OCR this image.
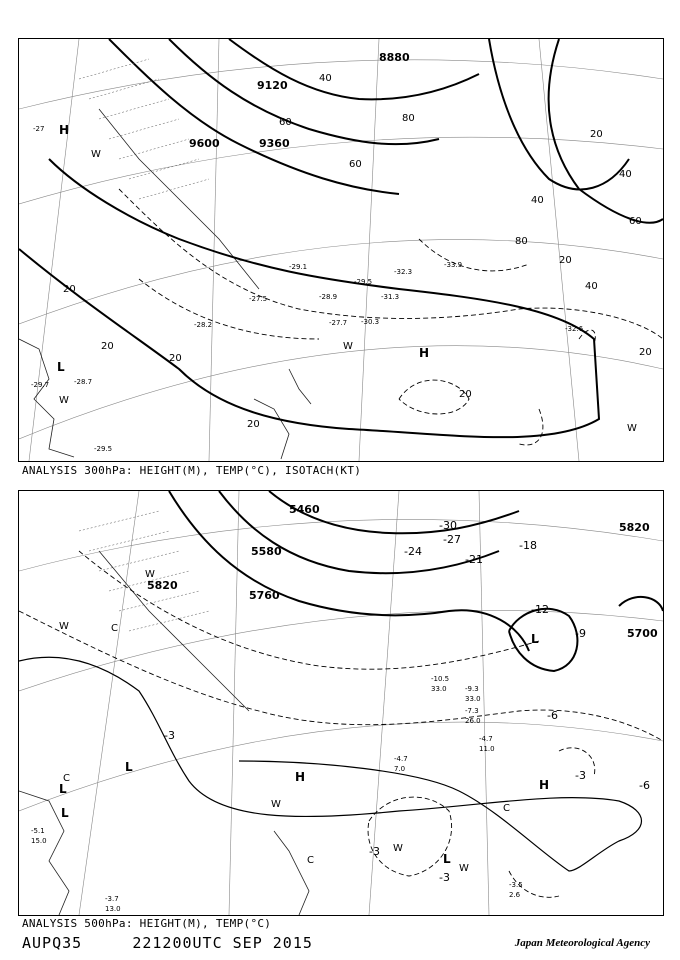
9120
9360
9600
8880
20
40
60	80
20
40
60
20
20
20
40
80
60
40
20
20
20
H
H
L
W
W
W
W
-27
-28.9
-29.1
-30.3
-31.3
-33.9
-32.3
-29.5
-27.7
-28.2
-27.5
-29.7
-29.5
-28.7
-32.6
ANALYSIS 300hPa: HEIGHT(M), TEMP(°C), ISOTACH(KT)
5820
5580
5760
5700
5460
5820
-3
-6
-9
-12
-3
-6
-27
-30
-18
-21
-24
-3
-3
H
H
L
L
L
L
L
C
C
C
C
W
W
W
W
W
-4.7
11.0
-3.5
2.6
-4.7
7.0
-10.5
33.0	-9.3
33.0
-7.3
26.0
-3.7
13.0
-5.1
15.0
ANALYSIS 500hPa: HEIGHT(M), TEMP(°C)
AUPQ35	221200UTC SEP 2015	Japan Meteorological Agency
